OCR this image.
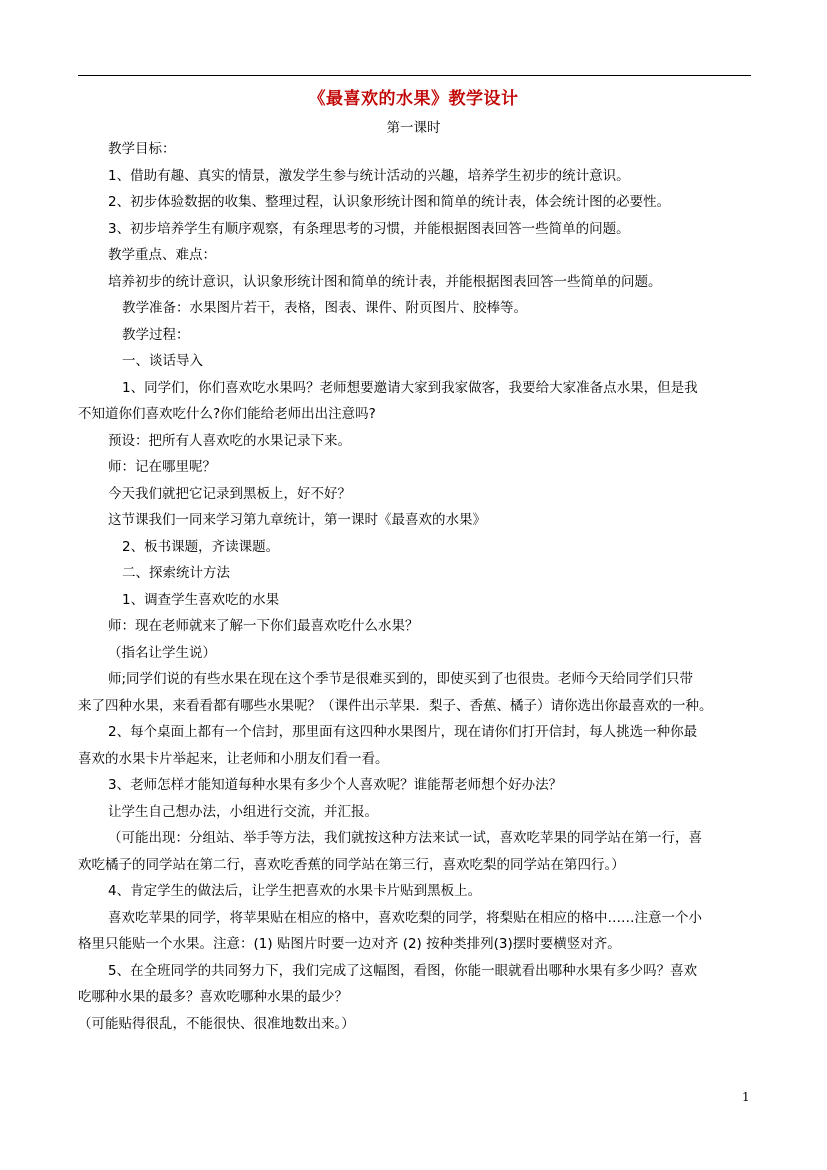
《最喜欢的水果》教学设计
第一课时

教学目标：

1、借助有趣、真实的情景，激发学生参与统计活动的兴趣，培养学生初步的统计意识。

2、初步体验数据的收集、整理过程，认识象形统计图和简单的统计表，体会统计图的必要性。

3、初步培养学生有顺序观察，有条理思考的习惯，并能根据图表回答一些简单的问题。

教学重点、难点：

培养初步的统计意识，认识象形统计图和简单的统计表，并能根据图表回答一些简单的问题。

教学准备：水果图片若干，表格，图表、课件、附页图片、胶棒等。

教学过程：

一、谈话导入

1、同学们，你们喜欢吃水果吗？老师想要邀请大家到我家做客，我要给大家准备点水果，但是我

不知道你们喜欢吃什么?你们能给老师出出注意吗?

预设：把所有人喜欢吃的水果记录下来。

师：记在哪里呢？

今天我们就把它记录到黑板上，好不好？

这节课我们一同来学习第九章统计，第一课时《最喜欢的水果》

2、板书课题，齐读课题。

二、探索统计方法

1、调查学生喜欢吃的水果

师：现在老师就来了解一下你们最喜欢吃什么水果？

（指名让学生说）

师;同学们说的有些水果在现在这个季节是很难买到的，即使买到了也很贵。老师今天给同学们只带

来了四种水果，来看看都有哪些水果呢？（课件出示苹果．梨子、香蕉、橘子）请你选出你最喜欢的一种。

2、每个桌面上都有一个信封，那里面有这四种水果图片，现在请你们打开信封，每人挑选一种你最

喜欢的水果卡片举起来，让老师和小朋友们看一看。

3、老师怎样才能知道每种水果有多少个人喜欢呢？谁能帮老师想个好办法？

让学生自己想办法，小组进行交流，并汇报。

（可能出现：分组站、举手等方法，我们就按这种方法来试一试，喜欢吃苹果的同学站在第一行，喜

欢吃橘子的同学站在第二行，喜欢吃香蕉的同学站在第三行，喜欢吃梨的同学站在第四行。）

4、肯定学生的做法后，让学生把喜欢的水果卡片贴到黑板上。

喜欢吃苹果的同学，将苹果贴在相应的格中，喜欢吃梨的同学，将梨贴在相应的格中……注意一个小

格里只能贴一个水果。注意：(1) 贴图片时要一边对齐 (2) 按种类排列(3)摆时要横竖对齐。

5、在全班同学的共同努力下，我们完成了这幅图，看图，你能一眼就看出哪种水果有多少吗？喜欢

吃哪种水果的最多？喜欢吃哪种水果的最少？

（可能贴得很乱，不能很快、很准地数出来。）

1
